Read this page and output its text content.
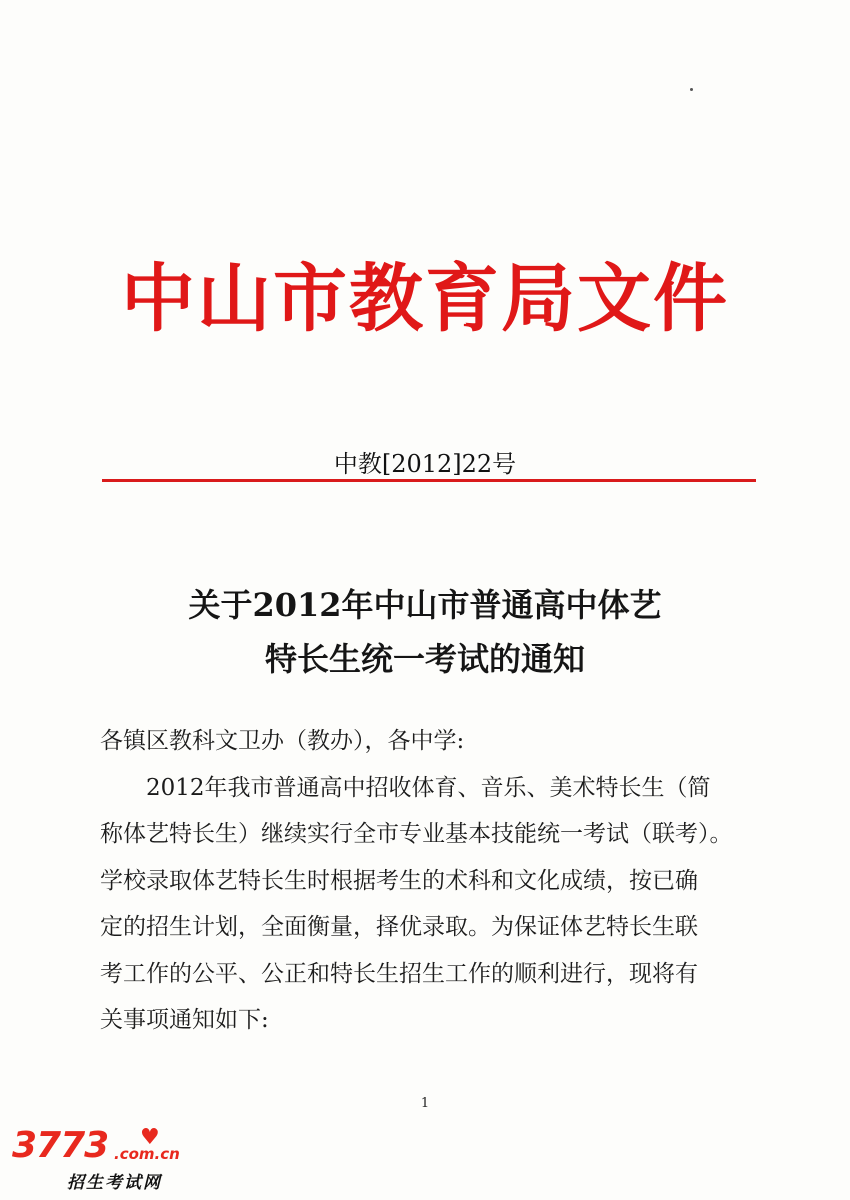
中山市教育局文件
中教[2012]22号
关于2012年中山市普通高中体艺
特长生统一考试的通知
各镇区教科文卫办（教办），各中学:
2012年我市普通高中招收体育、音乐、美术特长生（简
称体艺特长生）继续实行全市专业基本技能统一考试（联考）。
学校录取体艺特长生时根据考生的术科和文化成绩，按已确
定的招生计划，全面衡量，择优录取。为保证体艺特长生联
考工作的公平、公正和特长生招生工作的顺利进行，现将有
关事项通知如下:
1
3773 ♥
.com.cn
招生考试网
